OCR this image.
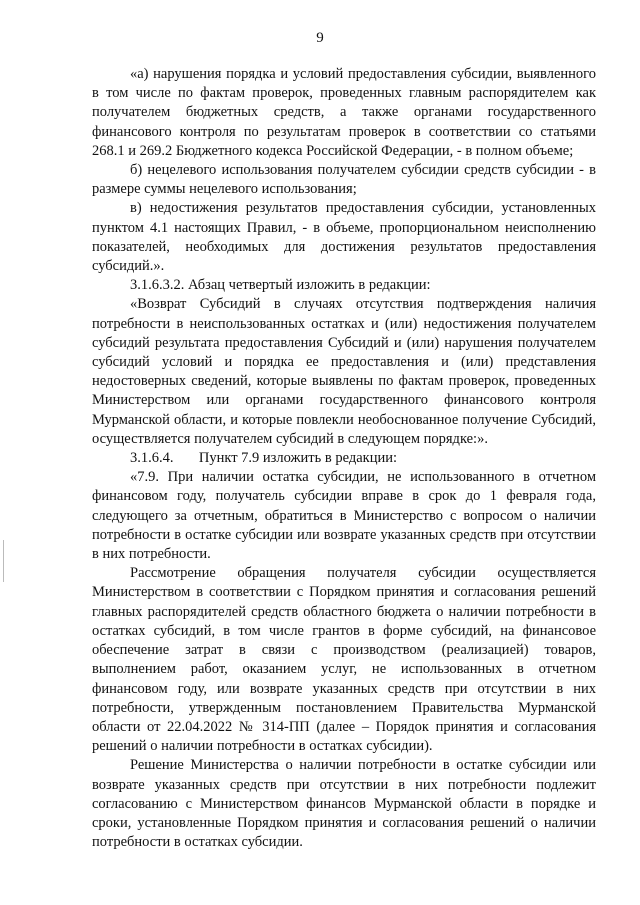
9

«а) нарушения порядка и условий предоставления субсидии, выявленного в том числе по фактам проверок, проведенных главным распорядителем как получателем бюджетных средств, а также органами государственного финансового контроля по результатам проверок в соответствии со статьями 268.1 и 269.2 Бюджетного кодекса Российской Федерации, - в полном объеме;

б) нецелевого использования получателем субсидии средств субсидии - в размере суммы нецелевого использования;

в) недостижения результатов предоставления субсидии, установленных пунктом 4.1 настоящих Правил, - в объеме, пропорциональном неисполнению показателей, необходимых для достижения результатов предоставления субсидий.».

3.1.6.3.2. Абзац четвертый изложить в редакции:

«Возврат Субсидий в случаях отсутствия подтверждения наличия потребности в неиспользованных остатках и (или) недостижения получателем субсидий результата предоставления Субсидий и (или) нарушения получателем субсидий условий и порядка ее предоставления и (или) представления недостоверных сведений, которые выявлены по фактам проверок, проведенных Министерством или органами государственного финансового контроля Мурманской области, и которые повлекли необоснованное получение Субсидий, осуществляется получателем субсидий в следующем порядке:».

3.1.6.4.       Пункт 7.9 изложить в редакции:

«7.9. При наличии остатка субсидии, не использованного в отчетном финансовом году, получатель субсидии вправе в срок до 1 февраля года, следующего за отчетным, обратиться в Министерство с вопросом о наличии потребности в остатке субсидии или возврате указанных средств при отсутствии в них потребности.

Рассмотрение обращения получателя субсидии осуществляется Министерством в соответствии с Порядком принятия и согласования решений главных распорядителей средств областного бюджета о наличии потребности в остатках субсидий, в том числе грантов в форме субсидий, на финансовое обеспечение затрат в связи с производством (реализацией) товаров, выполнением работ, оказанием услуг, не использованных в отчетном финансовом году, или возврате указанных средств при отсутствии в них потребности, утвержденным постановлением Правительства Мурманской области от 22.04.2022 № 314-ПП (далее – Порядок принятия и согласования решений о наличии потребности в остатках субсидии).

Решение Министерства о наличии потребности в остатке субсидии или возврате указанных средств при отсутствии в них потребности подлежит согласованию с Министерством финансов Мурманской области в порядке и сроки, установленные Порядком принятия и согласования решений о наличии потребности в остатках субсидии.
